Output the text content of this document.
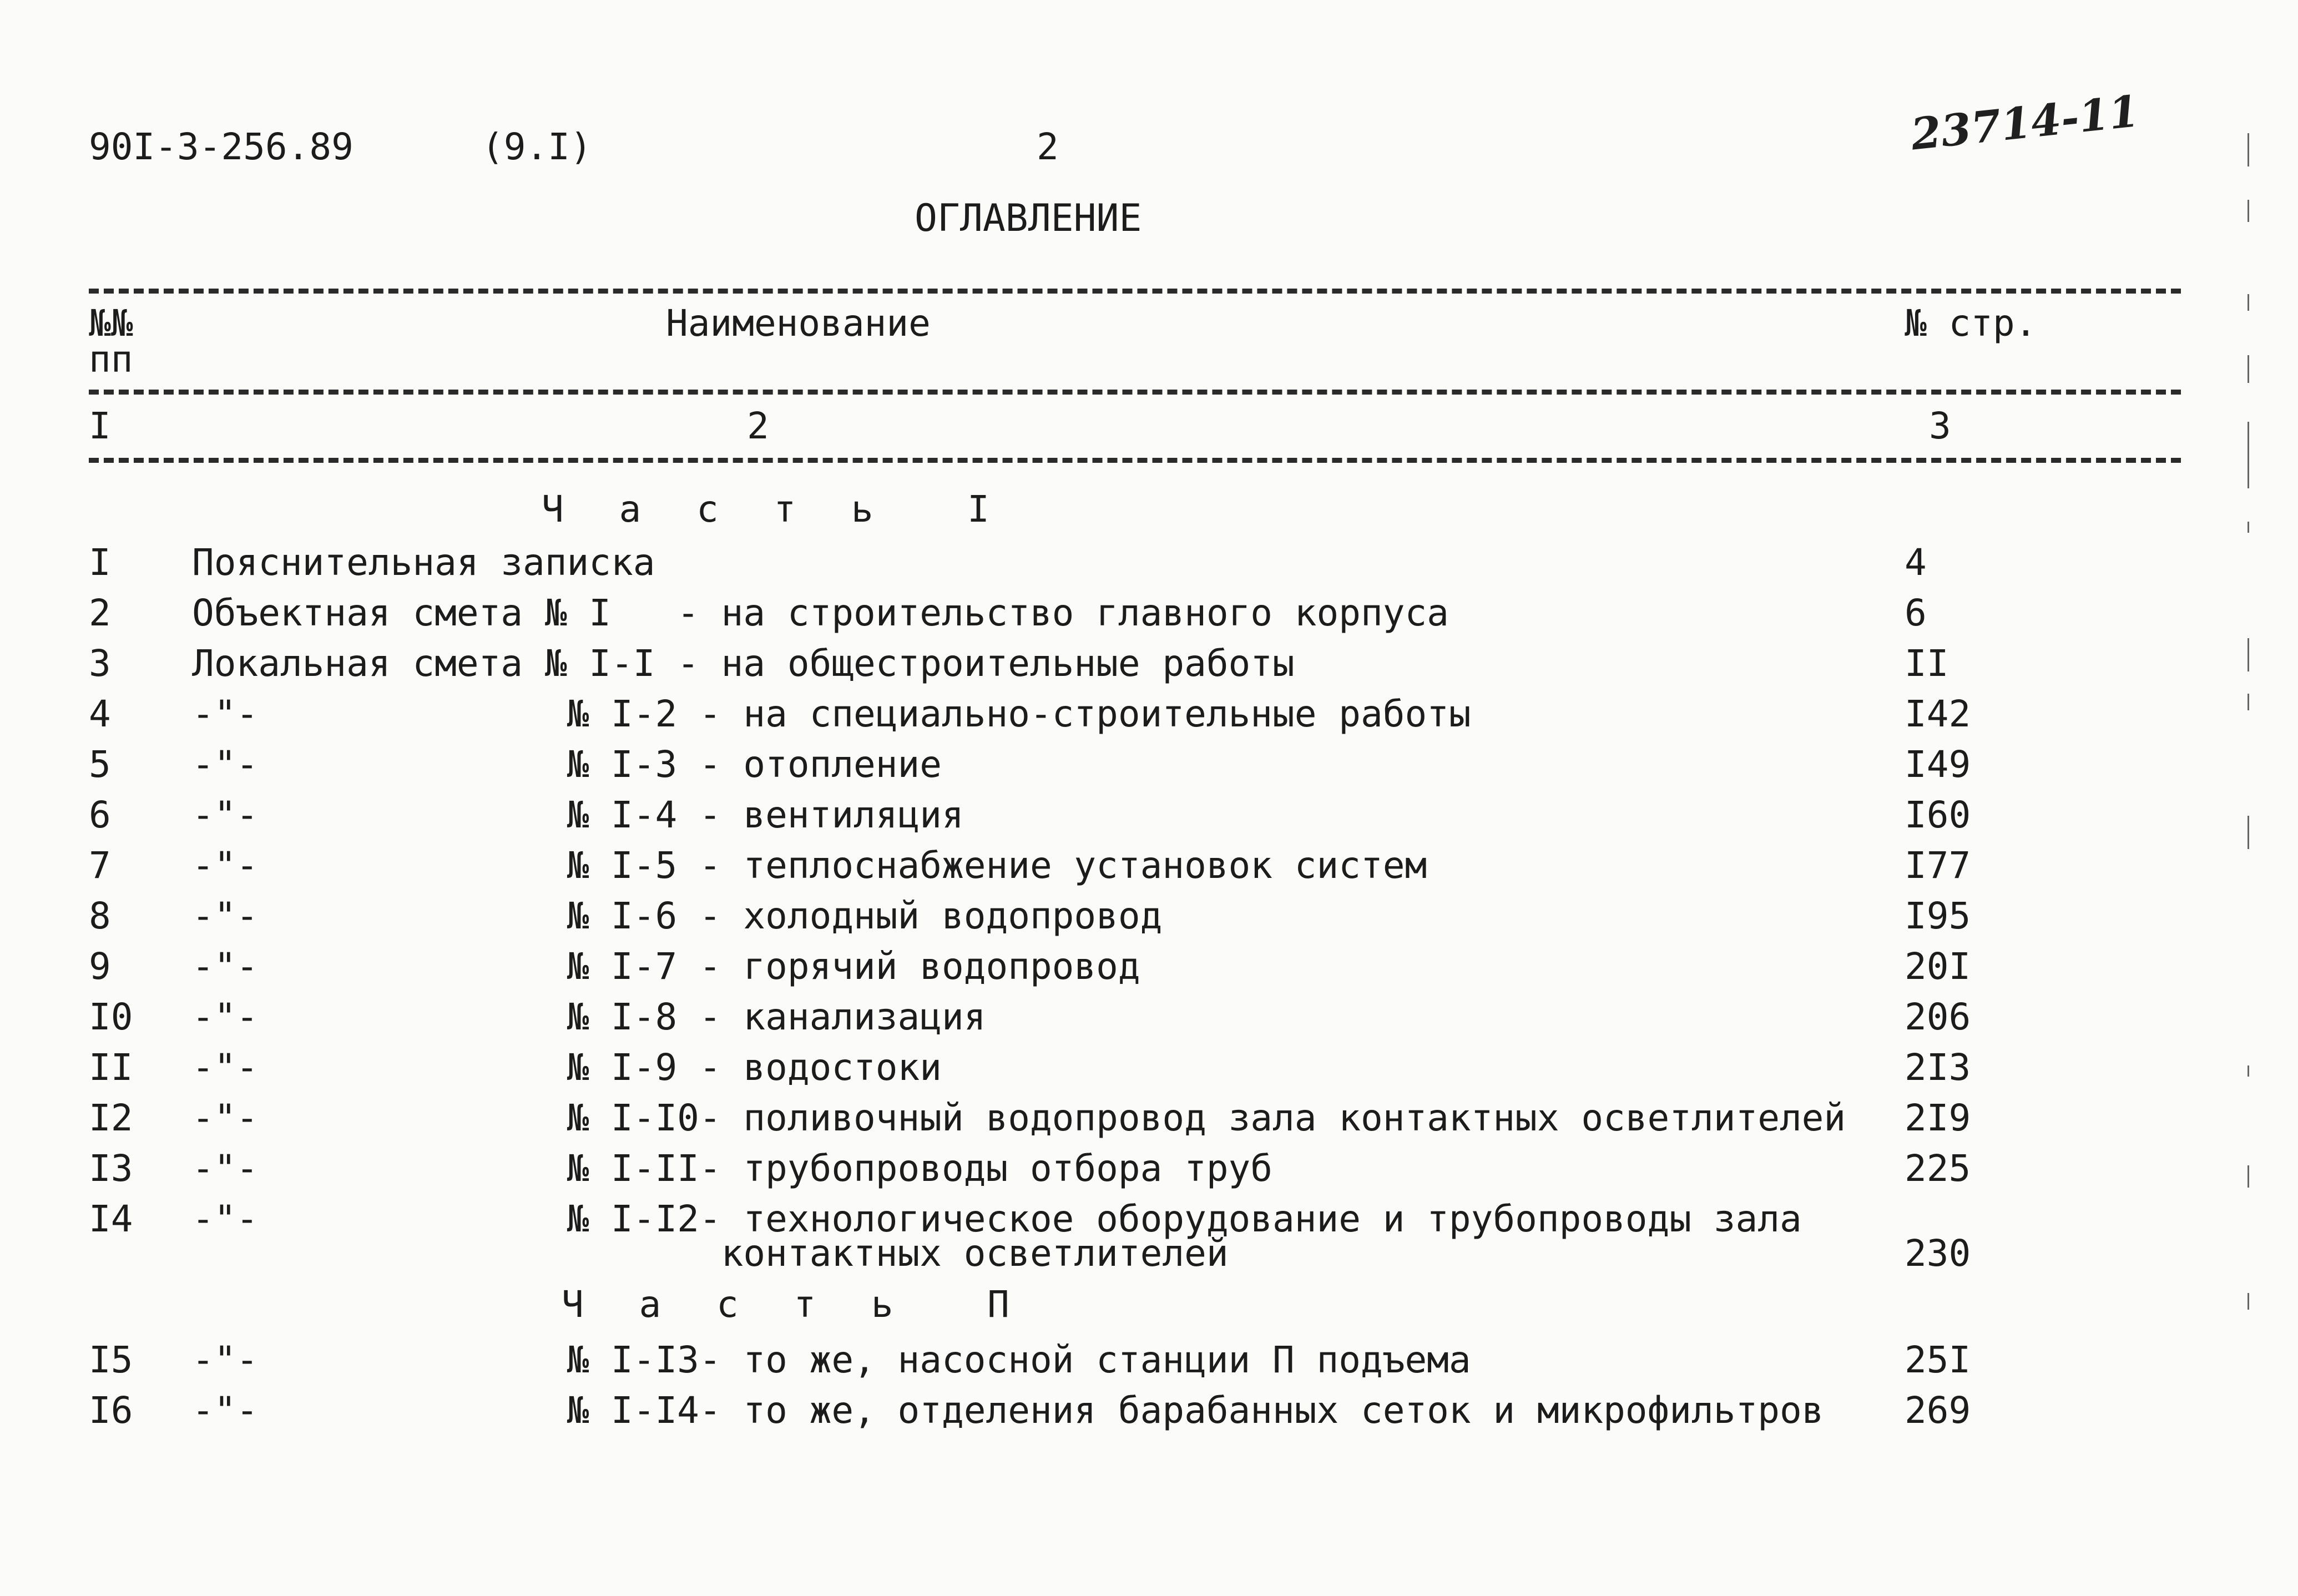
90I-3-256.89	(9.I)	2	23714-11
ОГЛАВЛЕНИЕ
№№
пп
Наименование	№ стр.
I	2	3
Ч а с т ь  I
I Пояснительная записка	4
2 Объектная смета № I   - на строительство главного корпуса	6
3 Локальная смета № I-I - на общестроительные работы	II
4 -"-              № I-2 - на специально-строительные работы	I42
5 -"-              № I-3 - отопление	I49
6 -"-              № I-4 - вентиляция	I60
7 -"-              № I-5 - теплоснабжение установок систем	I77
8 -"-              № I-6 - холодный водопровод	I95
9 -"-              № I-7 - горячий водопровод	20I
I0 -"-              № I-8 - канализация	206
II -"-              № I-9 - водостоки	2I3
I2 -"-              № I-I0- поливочный водопровод зала контактных осветлителей 2I9
I3 -"-              № I-II- трубопроводы отбора труб	225
I4 -"-              № I-I2- технологическое оборудование и трубопроводы зала
контактных осветлителей	230
Ч а с т ь  П
I5 -"-              № I-I3- то же, насосной станции П подъема	25I
I6 -"-              № I-I4- то же, отделения барабанных сеток и микрофильтров 269
